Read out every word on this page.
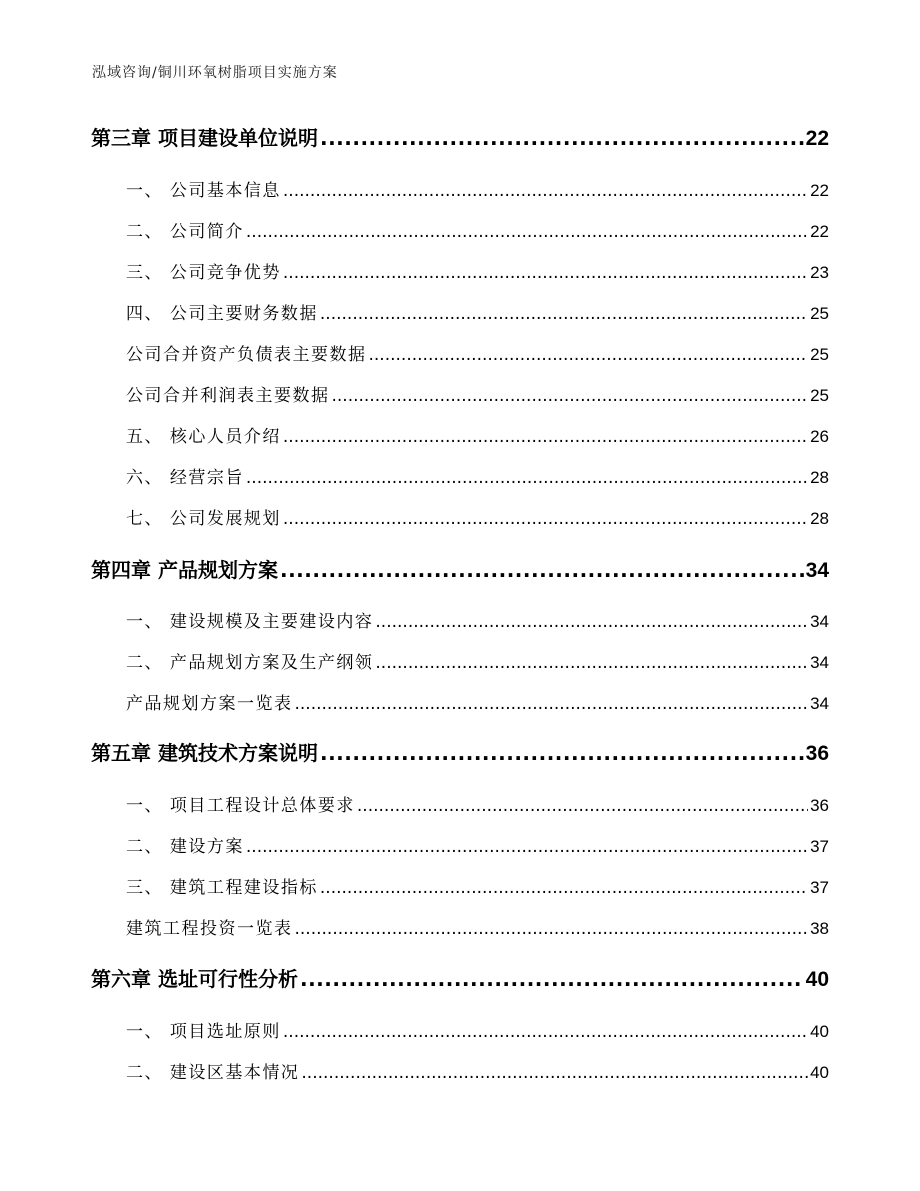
泓域咨询/铜川环氧树脂项目实施方案
第三章 项目建设单位说明 .....	22
一、 公司基本信息 .....	22
二、 公司简介 .....	22
三、 公司竞争优势 .....	23
四、 公司主要财务数据 .....	25
公司合并资产负债表主要数据 .....	25
公司合并利润表主要数据 .....	25
五、 核心人员介绍 .....	26
六、 经营宗旨 .....	28
七、 公司发展规划 .....	28
第四章 产品规划方案 .....	34
一、 建设规模及主要建设内容 .....	34
二、 产品规划方案及生产纲领 .....	34
产品规划方案一览表 .....	34
第五章 建筑技术方案说明 .....	36
一、 项目工程设计总体要求 .....	36
二、 建设方案 .....	37
三、 建筑工程建设指标 .....	37
建筑工程投资一览表 .....	38
第六章 选址可行性分析 .....	40
一、 项目选址原则 .....	40
二、 建设区基本情况 .....	40
